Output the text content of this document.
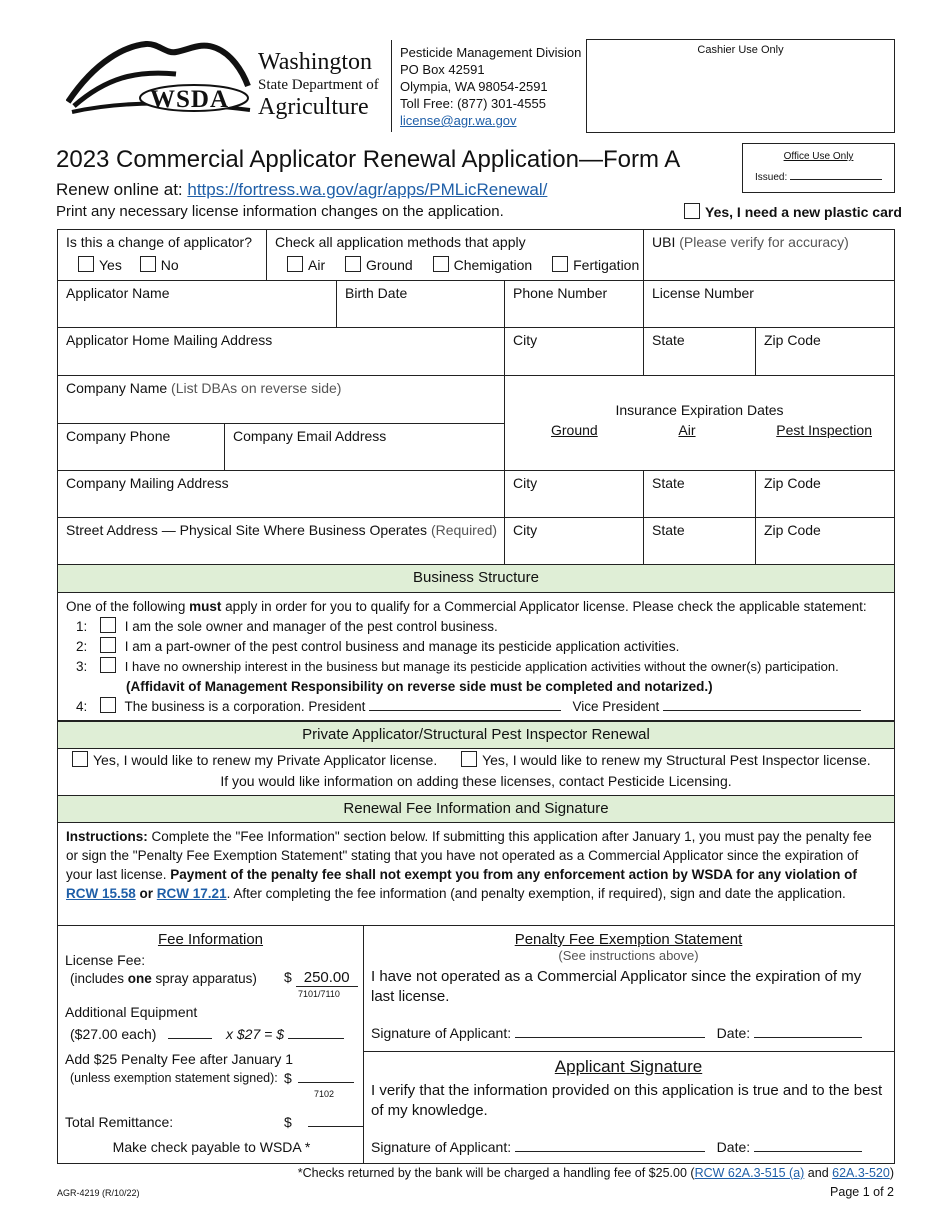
WSDA
Washington
State Department of
Agriculture
Pesticide Management Division
PO Box 42591
Olympia, WA 98054-2591
Toll Free: (877) 301-4555
license@agr.wa.gov
Cashier Use Only
Office Use Only
Issued:
2023 Commercial Applicator Renewal Application—Form A
Renew online at: https://fortress.wa.gov/agr/apps/PMLicRenewal/
Print any necessary license information changes on the application.	Yes, I need a new plastic card
Is this a change of applicator?
Yes	No
Check all application methods that apply
Air	Ground	Chemigation	Fertigation
UBI (Please verify for accuracy)
Applicator Name	Birth Date	Phone Number	License Number
Applicator Home Mailing Address	City	State	Zip Code
Company Name (List DBAs on reverse side)
Insurance Expiration Dates
Ground	Air	Pest Inspection
Company Phone	Company Email Address
Company Mailing Address	City	State	Zip Code
Street Address — Physical Site Where Business Operates (Required)	City	State	Zip Code
Business Structure
One of the following must apply in order for you to qualify for a Commercial Applicator license. Please check the applicable statement:
1:	I am the sole owner and manager of the pest control business.
2:	I am a part-owner of the pest control business and manage its pesticide application activities.
3:	I have no ownership interest in the business but manage its pesticide application activities without the owner(s) participation.
(Affidavit of Management Responsibility on reverse side must be completed and notarized.)
4:	The business is a corporation. President	Vice President
Private Applicator/Structural Pest Inspector Renewal
Yes, I would like to renew my Private Applicator license.	Yes, I would like to renew my Structural Pest Inspector license.
If you would like information on adding these licenses, contact Pesticide Licensing.
Renewal Fee Information and Signature
Instructions: Complete the "Fee Information" section below. If submitting this application after January 1, you must pay the penalty fee or sign the "Penalty Fee Exemption Statement" stating that you have not operated as a Commercial Applicator since the expiration of your last license. Payment of the penalty fee shall not exempt you from any enforcement action by WSDA for any violation of RCW 15.58 or RCW 17.21. After completing the fee information (and penalty exemption, if required), sign and date the application.
Fee Information
License Fee:
(includes one spray apparatus) $ 250.00
7101/7110
Additional Equipment
($27.00 each)	x $27 = $
Add $25 Penalty Fee after January 1
(unless exemption statement signed): $
7102
Total Remittance:	$
Make check payable to WSDA *
Penalty Fee Exemption Statement
(See instructions above)
I have not operated as a Commercial Applicator since the expiration of my last license.
Signature of Applicant:	Date:
Applicant Signature
I verify that the information provided on this application is true and to the best of my knowledge.
Signature of Applicant:	Date:
*Checks returned by the bank will be charged a handling fee of $25.00 (RCW 62A.3-515 (a) and 62A.3-520)
AGR-4219 (R/10/22)	Page 1 of 2
